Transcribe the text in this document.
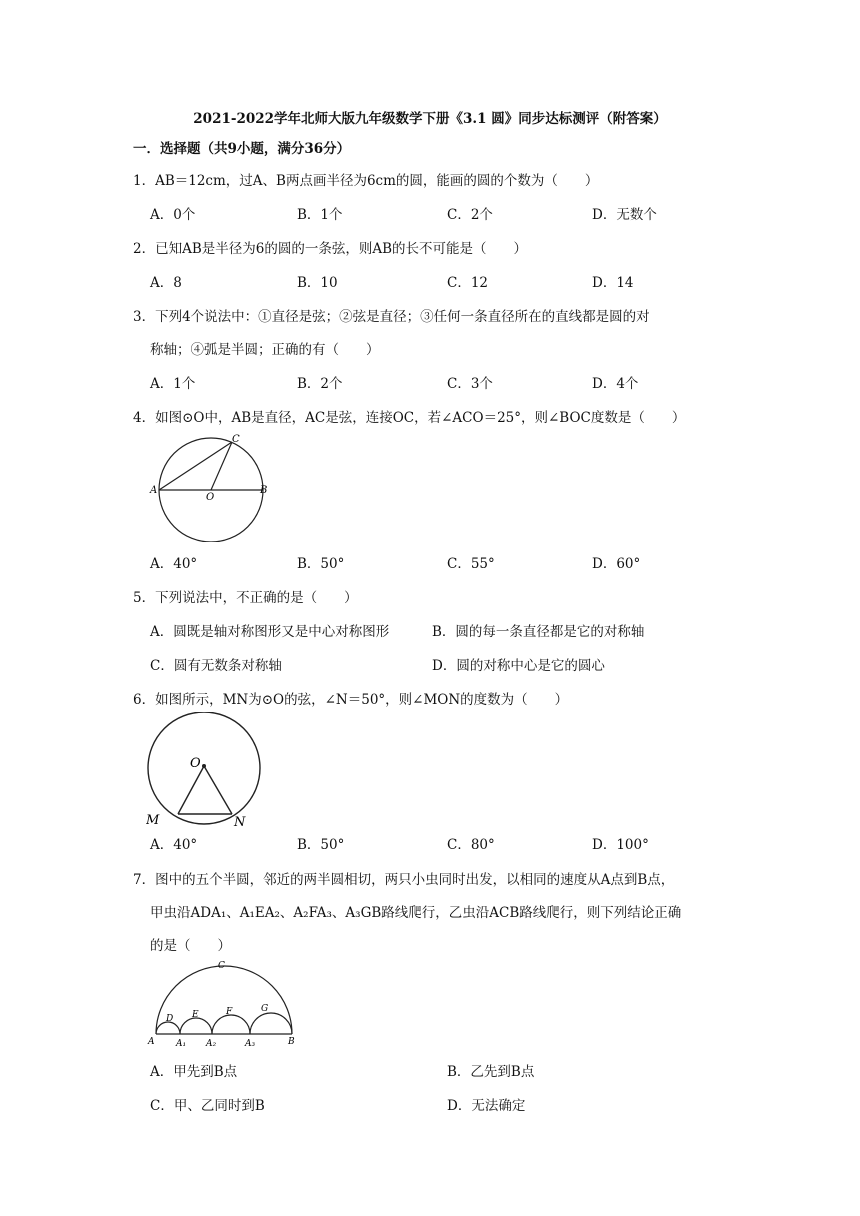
2021-2022学年北师大版九年级数学下册《3.1 圆》同步达标测评（附答案）
一．选择题（共9小题，满分36分）
1．AB＝12cm，过A、B两点画半径为6cm的圆，能画的圆的个数为（　　）
A．0个	B．1个	C．2个	D．无数个
2．已知AB是半径为6的圆的一条弦，则AB的长不可能是（　　）
A．8	B．10	C．12	D．14
3．下列4个说法中：①直径是弦；②弦是直径；③任何一条直径所在的直线都是圆的对
称轴；④弧是半圆；正确的有（　　）
A．1个	B．2个	C．3个	D．4个
4．如图⊙O中，AB是直径，AC是弦，连接OC，若∠ACO＝25°，则∠BOC度数是（　　）
A	B
C
O
A．40°	B．50°	C．55°	D．60°
5．下列说法中，不正确的是（　　）
A．圆既是轴对称图形又是中心对称图形	B．圆的每一条直径都是它的对称轴
C．圆有无数条对称轴	D．圆的对称中心是它的圆心
6．如图所示，MN为⊙O的弦，∠N＝50°，则∠MON的度数为（　　）
O
M	N
A．40°	B．50°	C．80°	D．100°
7．图中的五个半圆，邻近的两半圆相切，两只小虫同时出发，以相同的速度从A点到B点，
甲虫沿ADA₁、A₁EA₂、A₂FA₃、A₃GB路线爬行，乙虫沿ACB路线爬行，则下列结论正确
的是（　　）
C
D E	F	G
A A₁ A₂	A₃	B
A．甲先到B点	B．乙先到B点
C．甲、乙同时到B	D．无法确定
